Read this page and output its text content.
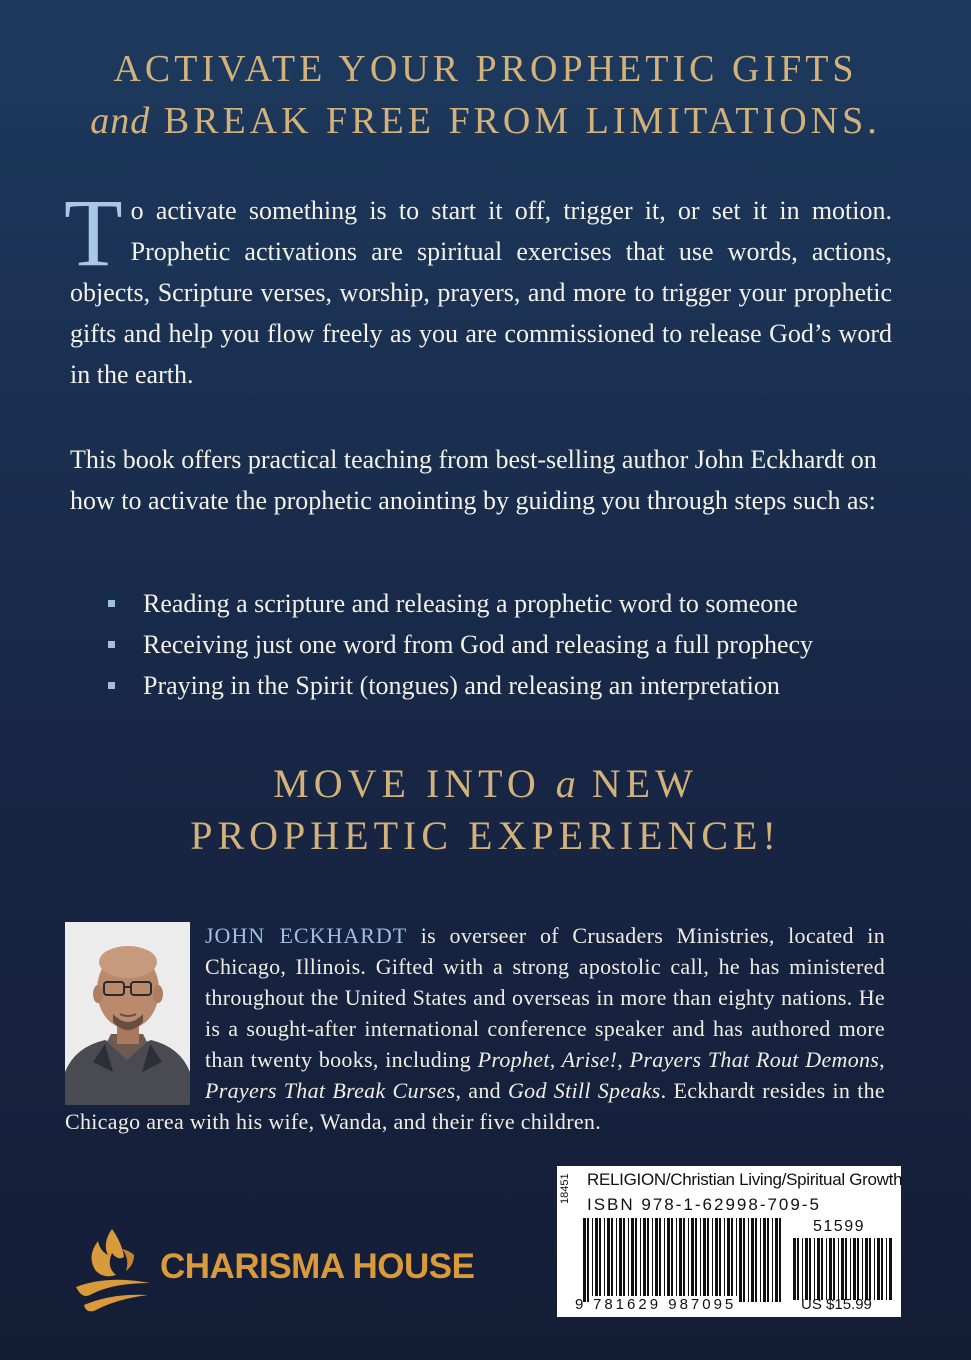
ACTIVATE YOUR PROPHETIC GIFTS
and BREAK FREE FROM LIMITATIONS.
To activate something is to start it off, trigger it, or set it in motion. Prophetic activations are spiritual exercises that use words, actions, objects, Scripture verses, worship, prayers, and more to trigger your prophetic gifts and help you flow freely as you are commissioned to release God’s word in the earth.
This book offers practical teaching from best-selling author John Eckhardt on how to activate the prophetic anointing by guiding you through steps such as:
Reading a scripture and releasing a prophetic word to someone
Receiving just one word from God and releasing a full prophecy
Praying in the Spirit (tongues) and releasing an interpretation
MOVE INTO a NEW
PROPHETIC EXPERIENCE!
JOHN ECKHARDT is overseer of Crusaders Ministries, located in Chicago, Illinois. Gifted with a strong apostolic call, he has ministered throughout the United States and overseas in more than eighty nations. He is a sought-after international conference speaker and has authored more than twenty books, including Prophet, Arise!, Prayers That Rout Demons, Prayers That Break Curses, and God Still Speaks. Eckhardt resides in the Chicago area with his wife, Wanda, and their five children.
CHARISMA HOUSE
18451 RELIGION/Christian Living/Spiritual Growth
ISBN 978-1-62998-709-5
51599
9 781629 987095	US $15.99
